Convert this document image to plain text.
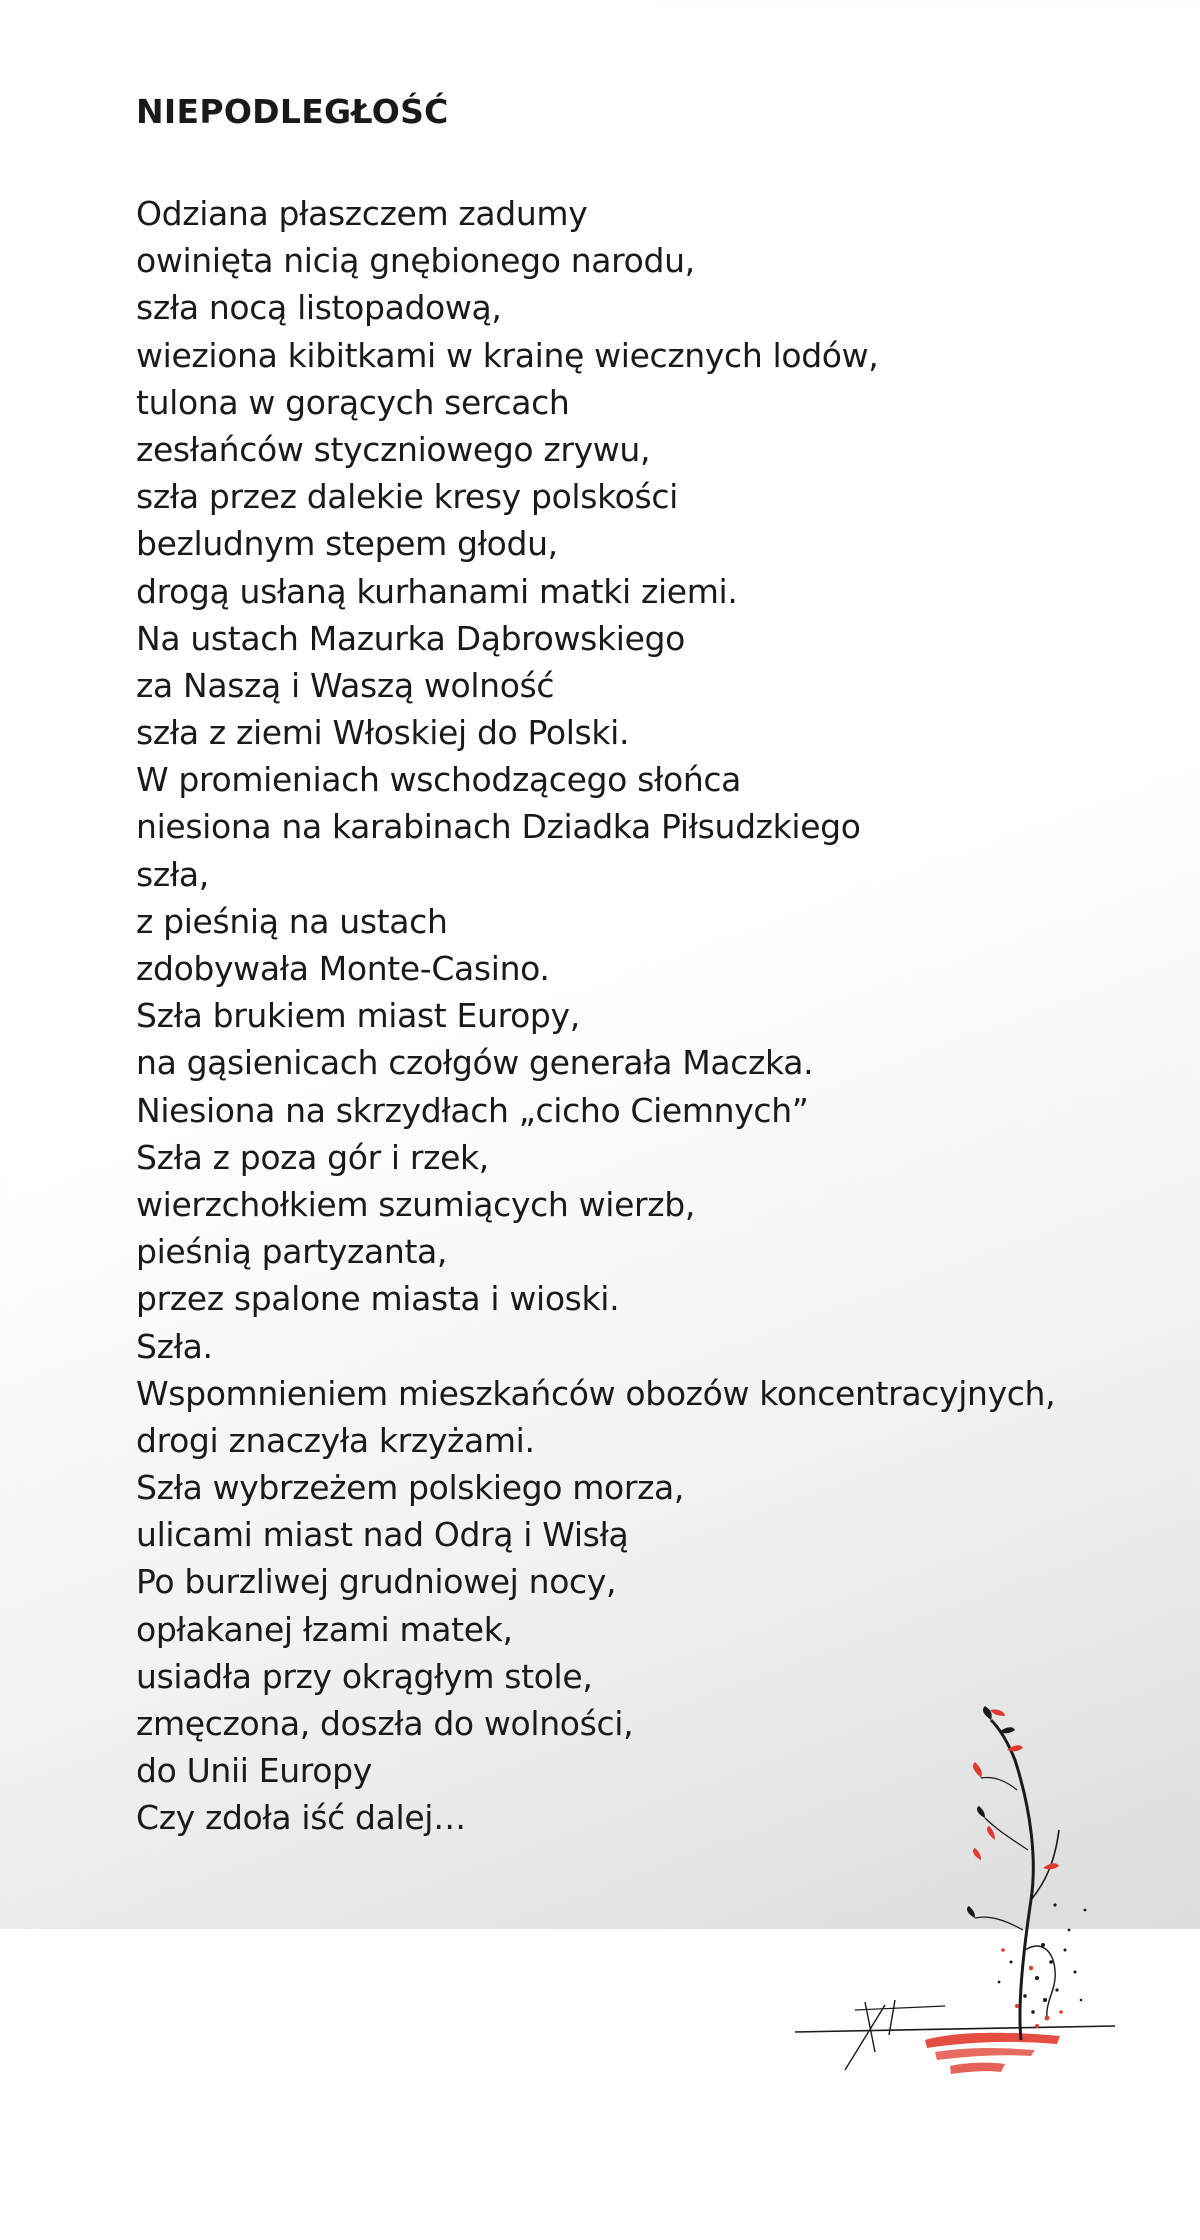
NIEPODLEGŁOŚĆ
Odziana płaszczem zadumy
owinięta nicią gnębionego narodu,
szła nocą listopadową,
wieziona kibitkami w krainę wiecznych lodów,
tulona w gorących sercach
zesłańców styczniowego zrywu,
szła przez dalekie kresy polskości
bezludnym stepem głodu,
drogą usłaną kurhanami matki ziemi.
Na ustach Mazurka Dąbrowskiego
za Naszą i Waszą wolność
szła z ziemi Włoskiej do Polski.
W promieniach wschodzącego słońca
niesiona na karabinach Dziadka Piłsudzkiego
szła,
z pieśnią na ustach
zdobywała Monte-Casino.
Szła brukiem miast Europy,
na gąsienicach czołgów generała Maczka.
Niesiona na skrzydłach „cicho Ciemnych”
Szła z poza gór i rzek,
wierzchołkiem szumiących wierzb,
pieśnią partyzanta,
przez spalone miasta i wioski.
Szła.
Wspomnieniem mieszkańców obozów koncentracyjnych,
drogi znaczyła krzyżami.
Szła wybrzeżem polskiego morza,
ulicami miast nad Odrą i Wisłą
Po burzliwej grudniowej nocy,
opłakanej łzami matek,
usiadła przy okrągłym stole,
zmęczona, doszła do wolności,
do Unii Europy
Czy zdoła iść dalej…
